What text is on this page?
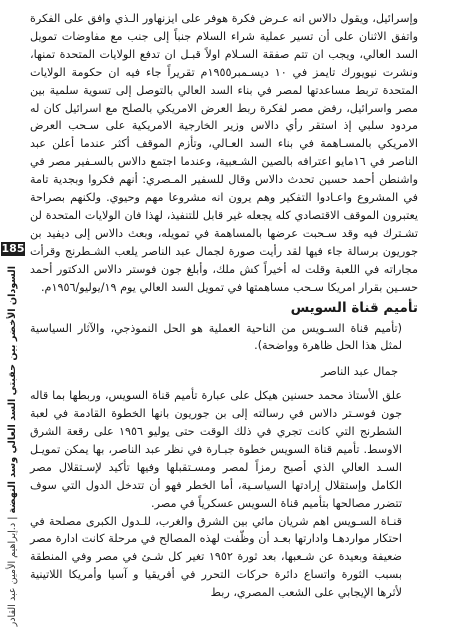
185
السودان الأخضر بين حقبتي السد العالي وسد النهضة | د.إبراهيم الأمين عبد القادر

وإسرائيل، ويقول دالاس انه عـرض فكرة هوفر على ايزنهاور الـذي وافق على الفكرة واتفق الاثنان على أن تسير عملية شراء السلام جنباً إلى جنب مع مفاوضات تمويل السد العالي، ويجب ان تتم صفقة السـلام اولاً قبـل ان تدفع الولايات المتحدة تمنها، ونشرت نيويورك تايمز في ١٠ ديسـمبر١٩٥٥م تقريراً جاء فيه ان حكومة الولايات المتحدة تربط مساعدتها لمصر في بناء السد العالي بالتوصل إلى تسوية سلمية بين مصر واسرائيل، رفض مصر لفكرة ربط العرض الامريكي بالصلح مع اسرائيل كان له مردود سلبي إذ استقر رأي دالاس وزير الخارجية الامريكية على سـحب العرض الامريكي بالمسـاهمة في بناء السد العـالي، وتأزم الموقف أكثر عندما أعلن عبد الناصر في ١٦مايو اعترافه بالصين الشـعبية، وعندما اجتمع دالاس بالسـفير مصر في واشنطن أحمد حسين تحدث دالاس وقال للسفير المـصري: أنهم فكروا وبجدية تامة في المشروع واعـادوا التفكير وهم يرون انه مشروعا مهم وحيوي. ولكنهم بصراحة يعتبرون الموقف الاقتصادي كله يجعله غير قابل للتنفيذ، لهذا فان الولايات المتحدة لن تشـترك فيه وقد سـحبت عرضها بالمساهمة في تمويله، وبعث دالاس إلى ديفيد بن جوريون برسالة جاء فيها لقد رأيت صورة لجمال عبد الناصر يلعب الشـطرنج وقرأت مجاراته في اللعبة وقلت له أخيراً كش ملك، وأبلغ جون فوستر دالاس الدكتور أحمد حسـين بقرار امريكا سـحب مساهمتها في تمويل السد العالي يوم ١٩/يوليو/١٩٥٦م.

تأميم قناة السويس

(تأميم قناة السـويس من الناحية العملية هو الحل النموذجي، والآثار السياسية لمثل هذا الحل ظاهرة وواضحة).

جمال عبد الناصر

علق الأستاذ محمد حسنين هيكل على عبارة تأميم قناة السويس، وربطها بما قاله جون فوسـتر دالاس في رسالته إلى بن جوريون بانها الخطوة القادمة في لعبة الشطرنج التي كانت تجري في ذلك الوقت حتى يوليو ١٩٥٦ على رقعة الشرق الاوسط. تأميم قناة السويس خطوة جبـارة في نظر عبد الناصر، بها يمكن تمويـل السـد العالي الذي أصبح رمزاً لمصر ومسـتقبلها وفيها تأكيد لإسـتقلال مصر الكامل وإستقلال إرادتها السياسـية، أما الخطر فهو أن تتدخل الدول التي سوف تتضرر مصالحها بتأميم قناة السويس عسكرياً في مصر.

قنـاة السـويس اهم شريان مائي بين الشرق والغرب، للـدول الكبرى مصلحة في احتكار مواردهـا وادارتها بعـد أن وظّفت لهذه المصالح في مرحلة كانت ادارة مصر ضعيفة وبعيدة عن شـعبها، بعد ثورة ١٩٥٢ تغير كل شـئ في مصر وفي المنطقة بسبب الثورة واتساع دائرة حركات التحرر في أفريقيا و آسيا وأمريكا اللاتينية لأثرها الإيجابي على الشعب المصري، ربط
